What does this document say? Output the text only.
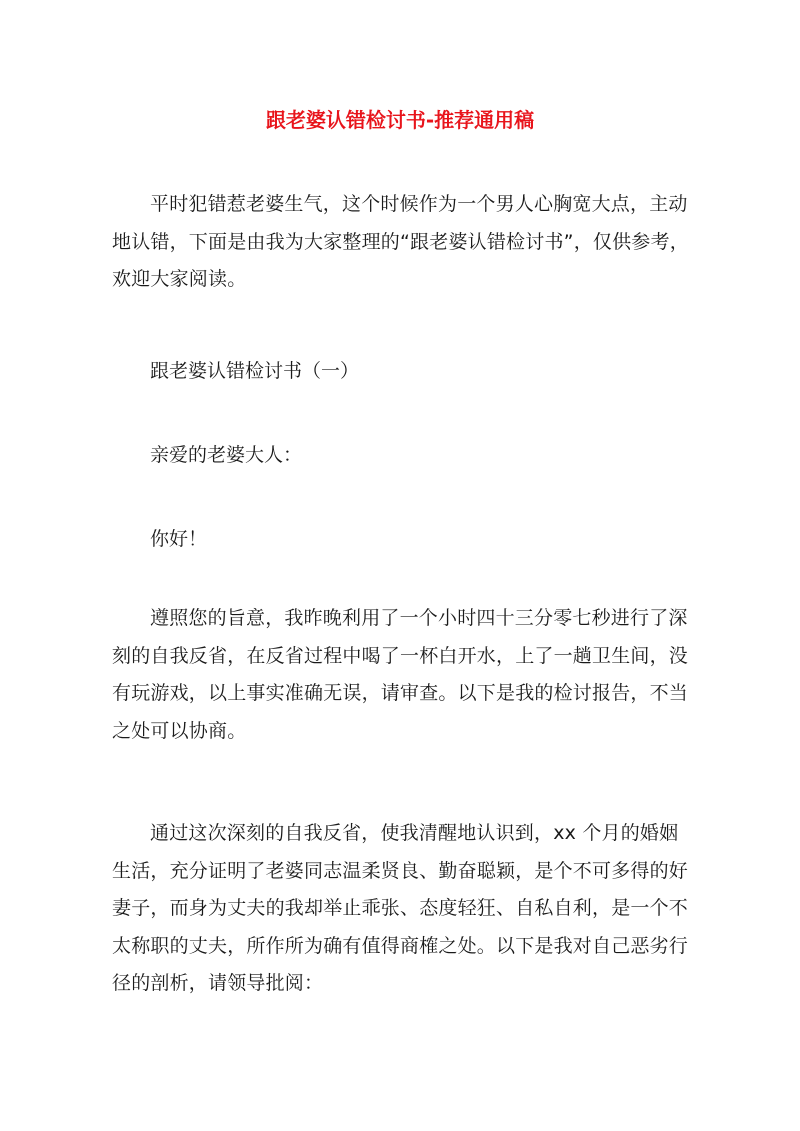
跟老婆认错检讨书-推荐通用稿
平时犯错惹老婆生气，这个时候作为一个男人心胸宽大点，主动
地认错，下面是由我为大家整理的“跟老婆认错检讨书”，仅供参考，
欢迎大家阅读。
跟老婆认错检讨书（一）
亲爱的老婆大人：
你好！
遵照您的旨意，我昨晚利用了一个小时四十三分零七秒进行了深
刻的自我反省，在反省过程中喝了一杯白开水，上了一趟卫生间，没
有玩游戏，以上事实准确无误，请审查。以下是我的检讨报告，不当
之处可以协商。
通过这次深刻的自我反省，使我清醒地认识到，xx 个月的婚姻
生活，充分证明了老婆同志温柔贤良、勤奋聪颖，是个不可多得的好
妻子，而身为丈夫的我却举止乖张、态度轻狂、自私自利，是一个不
太称职的丈夫，所作所为确有值得商榷之处。以下是我对自己恶劣行
径的剖析，请领导批阅：
